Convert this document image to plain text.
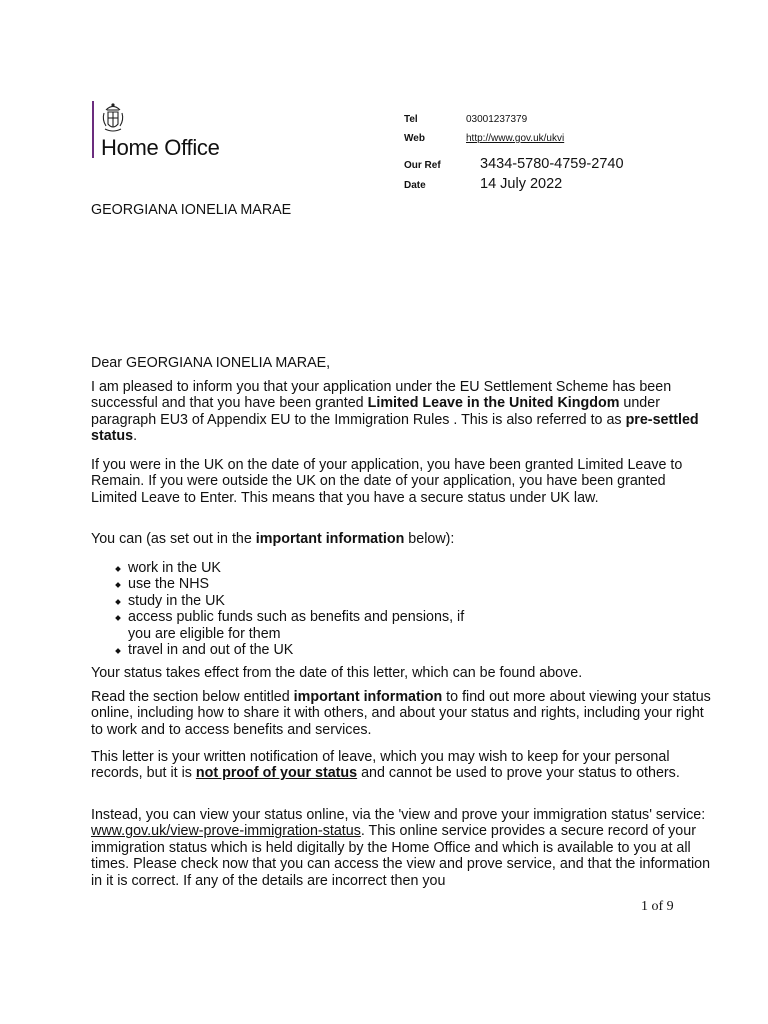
Home Office
Tel	03001237379
Web	http://www.gov.uk/ukvi
Our Ref	3434-5780-4759-2740
Date	14 July 2022
GEORGIANA IONELIA MARAE

Dear GEORGIANA IONELIA MARAE,

I am pleased to inform you that your application under the EU Settlement Scheme has been successful and that you have been granted Limited Leave in the United Kingdom under paragraph EU3 of Appendix EU to the Immigration Rules . This is also referred to as pre-settled status.

If you were in the UK on the date of your application, you have been granted Limited Leave to Remain. If you were outside the UK on the date of your application, you have been granted Limited Leave to Enter. This means that you have a secure status under UK law.

You can (as set out in the important information below):

work in the UK
use the NHS
study in the UK
access public funds such as benefits and pensions, if you are eligible for them
travel in and out of the UK

Your status takes effect from the date of this letter, which can be found above.

Read the section below entitled important information to find out more about viewing your status online, including how to share it with others, and about your status and rights, including your right to work and to access benefits and services.

This letter is your written notification of leave, which you may wish to keep for your personal records, but it is not proof of your status and cannot be used to prove your status to others.

Instead, you can view your status online, via the 'view and prove your immigration status' service: www.gov.uk/view-prove-immigration-status. This online service provides a secure record of your immigration status which is held digitally by the Home Office and which is available to you at all times. Please check now that you can access the view and prove service, and that the information in it is correct. If any of the details are incorrect then you

1 of 9
